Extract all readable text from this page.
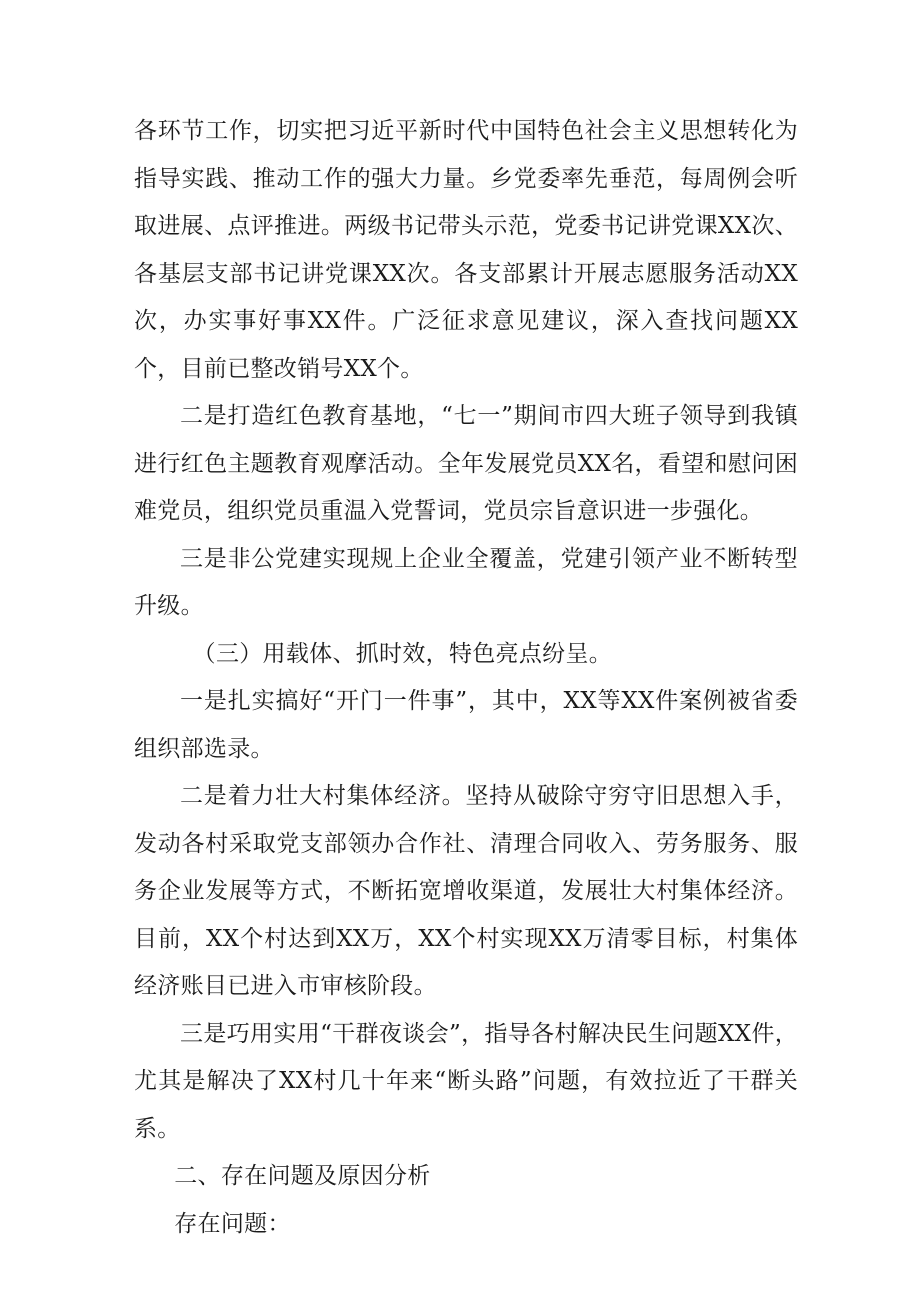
各环节工作，切实把习近平新时代中国特色社会主义思想转化为指导实践、推动工作的强大力量。乡党委率先垂范，每周例会听取进展、点评推进。两级书记带头示范，党委书记讲党课XX次、各基层支部书记讲党课XX次。各支部累计开展志愿服务活动XX次，办实事好事XX件。广泛征求意见建议，深入查找问题XX个，目前已整改销号XX个。

二是打造红色教育基地，“七一”期间市四大班子领导到我镇进行红色主题教育观摩活动。全年发展党员XX名，看望和慰问困难党员，组织党员重温入党誓词，党员宗旨意识进一步强化。

三是非公党建实现规上企业全覆盖，党建引领产业不断转型升级。

（三）用载体、抓时效，特色亮点纷呈。

一是扎实搞好“开门一件事”，其中，XX等XX件案例被省委组织部选录。

二是着力壮大村集体经济。坚持从破除守穷守旧思想入手，发动各村采取党支部领办合作社、清理合同收入、劳务服务、服务企业发展等方式，不断拓宽增收渠道，发展壮大村集体经济。目前，XX个村达到XX万，XX个村实现XX万清零目标，村集体经济账目已进入市审核阶段。

三是巧用实用“干群夜谈会”，指导各村解决民生问题XX件，尤其是解决了XX村几十年来“断头路”问题，有效拉近了干群关系。

二、存在问题及原因分析

存在问题：
